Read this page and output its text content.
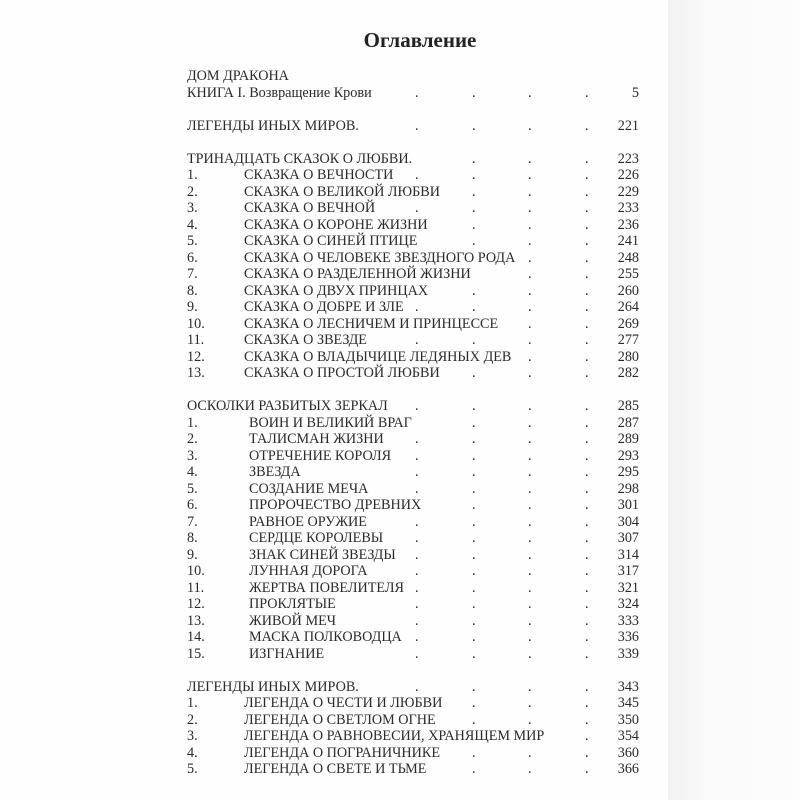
Оглавление
ДОМ ДРАКОНА
КНИГА I. Возвращение Крови	5
.	.	.	.
ЛЕГЕНДЫ ИНЫХ МИРОВ.	221
.	.	.	.
ТРИНАДЦАТЬ СКАЗОК О ЛЮБВИ.	223
.	.	.
1.	СКАЗКА О ВЕЧНОСТИ	226
.	.	.	.
2.	СКАЗКА О ВЕЛИКОЙ ЛЮБВИ	229
.	.	.
3.	СКАЗКА О ВЕЧНОЙ	233
.	.	.	.
4.	СКАЗКА О КОРОНЕ ЖИЗНИ	236
.	.	.
5.	СКАЗКА О СИНЕЙ ПТИЦЕ	241
.	.	.
6.	СКАЗКА О ЧЕЛОВЕКЕ ЗВЕЗДНОГО РОДА	248
.	.
7.	СКАЗКА О РАЗДЕЛЕННОЙ ЖИЗНИ	255
.	.
8.	СКАЗКА О ДВУХ ПРИНЦАХ	260
.	.	.
9.	СКАЗКА О ДОБРЕ И ЗЛЕ	264
.	.	.	.
10.	СКАЗКА О ЛЕСНИЧЕМ И ПРИНЦЕССЕ	269
.	.
11.	СКАЗКА О ЗВЕЗДЕ	277
.	.	.	.
12.	СКАЗКА О ВЛАДЫЧИЦЕ ЛЕДЯНЫХ ДЕВ	280
.	.
13.	СКАЗКА О ПРОСТОЙ ЛЮБВИ	282
.	.	.
ОСКОЛКИ РАЗБИТЫХ ЗЕРКАЛ	285
.	.	.	.
1.	ВОИН И ВЕЛИКИЙ ВРАГ	287
.	.	.
2.	ТАЛИСМАН ЖИЗНИ	289
.	.	.	.
3.	ОТРЕЧЕНИЕ КОРОЛЯ	293
.	.	.	.
4.	ЗВЕЗДА	295
.	.	.	.
5.	СОЗДАНИЕ МЕЧА	298
.	.	.	.
6.	ПРОРОЧЕСТВО ДРЕВНИХ	301
.	.	.
7.	РАВНОЕ ОРУЖИЕ	304
.	.	.	.
8.	СЕРДЦЕ КОРОЛЕВЫ	307
.	.	.	.
9.	ЗНАК СИНЕЙ ЗВЕЗДЫ	314
.	.	.	.
10.	ЛУННАЯ ДОРОГА	317
.	.	.	.
11.	ЖЕРТВА ПОВЕЛИТЕЛЯ	321
.	.	.	.
12.	ПРОКЛЯТЫЕ	324
.	.	.	.
13.	ЖИВОЙ МЕЧ	333
.	.	.	.
14.	МАСКА ПОЛКОВОДЦА	336
.	.	.	.
15.	ИЗГНАНИЕ	339
.	.	.	.
ЛЕГЕНДЫ ИНЫХ МИРОВ.	343
.	.	.	.
1.	ЛЕГЕНДА О ЧЕСТИ И ЛЮБВИ	345
.	.	.
2.	ЛЕГЕНДА О СВЕТЛОМ ОГНЕ	350
.	.	.
3.	ЛЕГЕНДА О РАВНОВЕСИИ, ХРАНЯЩЕМ МИР	354
.
4.	ЛЕГЕНДА О ПОГРАНИЧНИКЕ	360
.	.	.
5.	ЛЕГЕНДА О СВЕТЕ И ТЬМЕ	366
.	.	.
